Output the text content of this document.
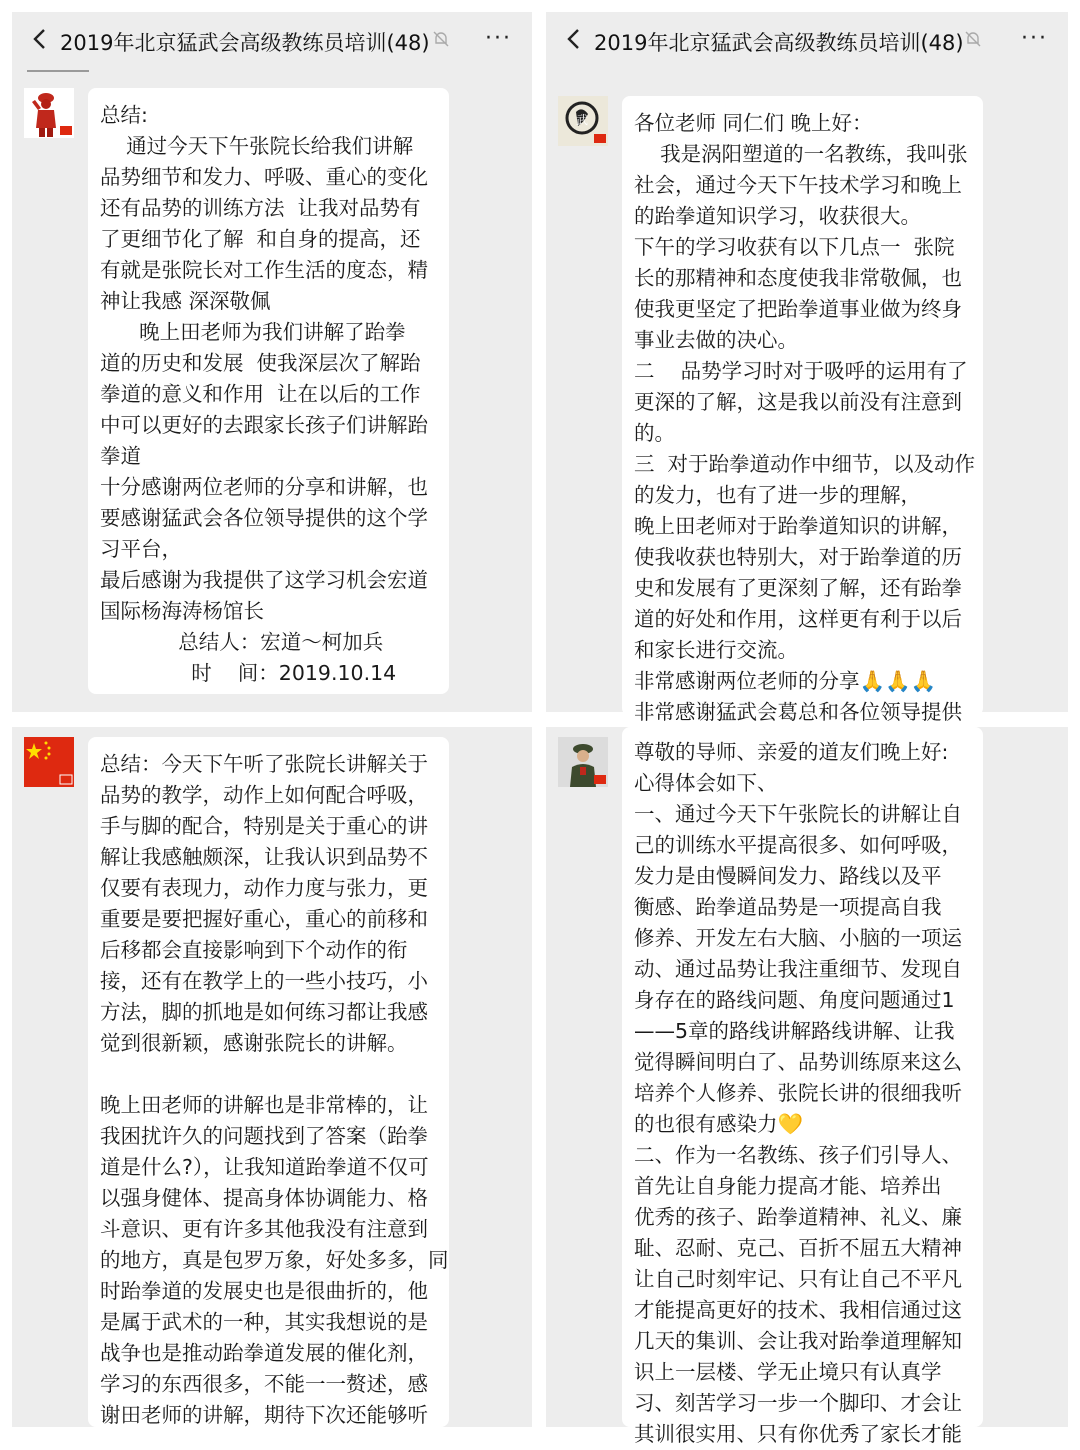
2019年北京猛武会高级教练员培训(48)	···

总结:

通过今天下午张院长给我们讲解

品势细节和发力、呼吸、重心的变化

还有品势的训练方法  让我对品势有

了更细节化了解  和自身的提高，还

有就是张院长对工作生活的度态，精

神让我感 深深敬佩

晚上田老师为我们讲解了跆拳

道的历史和发展  使我深层次了解跆

拳道的意义和作用  让在以后的工作

中可以更好的去跟家长孩子们讲解跆

拳道

十分感谢两位老师的分享和讲解，也

要感谢猛武会各位领导提供的这个学

习平台，

最后感谢为我提供了这学习机会宏道

国际杨海涛杨馆长

总结人：宏道～柯加兵

时    间：2019.10.14

2019年北京猛武会高级教练员培训(48)	···
武 各位老师 同仁们 晚上好：

我是涡阳塑道的一名教练，我叫张

社会，通过今天下午技术学习和晚上

的跆拳道知识学习，收获很大。

下午的学习收获有以下几点一  张院

长的那精神和态度使我非常敬佩，也

使我更坚定了把跆拳道事业做为终身

事业去做的决心。

二    品势学习时对于吸呼的运用有了

更深的了解，这是我以前没有注意到

的。

三  对于跆拳道动作中细节，以及动作

的发力，也有了进一步的理解，

晚上田老师对于跆拳道知识的讲解，

使我收获也特别大，对于跆拳道的历

史和发展有了更深刻了解，还有跆拳

道的好处和作用，这样更有利于以后

和家长进行交流。

非常感谢两位老师的分享🙏🙏🙏

非常感谢猛武会葛总和各位领导提供

总结：今天下午听了张院长讲解关于

品势的教学，动作上如何配合呼吸，

手与脚的配合，特别是关于重心的讲

解让我感触颇深，让我认识到品势不

仅要有表现力，动作力度与张力，更

重要是要把握好重心，重心的前移和

后移都会直接影响到下个动作的衔

接，还有在教学上的一些小技巧，小

方法，脚的抓地是如何练习都让我感

觉到很新颖，感谢张院长的讲解。

晚上田老师的讲解也是非常棒的，让

我困扰许久的问题找到了答案（跆拳

道是什么?），让我知道跆拳道不仅可

以强身健体、提高身体协调能力、格

斗意识、更有许多其他我没有注意到

的地方，真是包罗万象，好处多多，同

时跆拳道的发展史也是很曲折的，他

是属于武术的一种，其实我想说的是

战争也是推动跆拳道发展的催化剂，

学习的东西很多，不能一一赘述，感

谢田老师的讲解，期待下次还能够听

尊敬的导师、亲爱的道友们晚上好:

心得体会如下、

一、通过今天下午张院长的讲解让自

己的训练水平提高很多、如何呼吸，

发力是由慢瞬间发力、路线以及平

衡感、跆拳道品势是一项提高自我

修养、开发左右大脑、小脑的一项运

动、通过品势让我注重细节、发现自

身存在的路线问题、角度问题通过1

——5章的路线讲解路线讲解、让我

觉得瞬间明白了、品势训练原来这么

培养个人修养、张院长讲的很细我听

的也很有感染力💛

二、作为一名教练、孩子们引导人、

首先让自身能力提高才能、培养出

优秀的孩子、跆拳道精神、礼义、廉

耻、忍耐、克己、百折不屈五大精神

让自己时刻牢记、只有让自己不平凡

才能提高更好的技术、我相信通过这

几天的集训、会让我对跆拳道理解知

识上一层楼、学无止境只有认真学

习、刻苦学习一步一个脚印、才会让

其训很实用、只有你优秀了家长才能
